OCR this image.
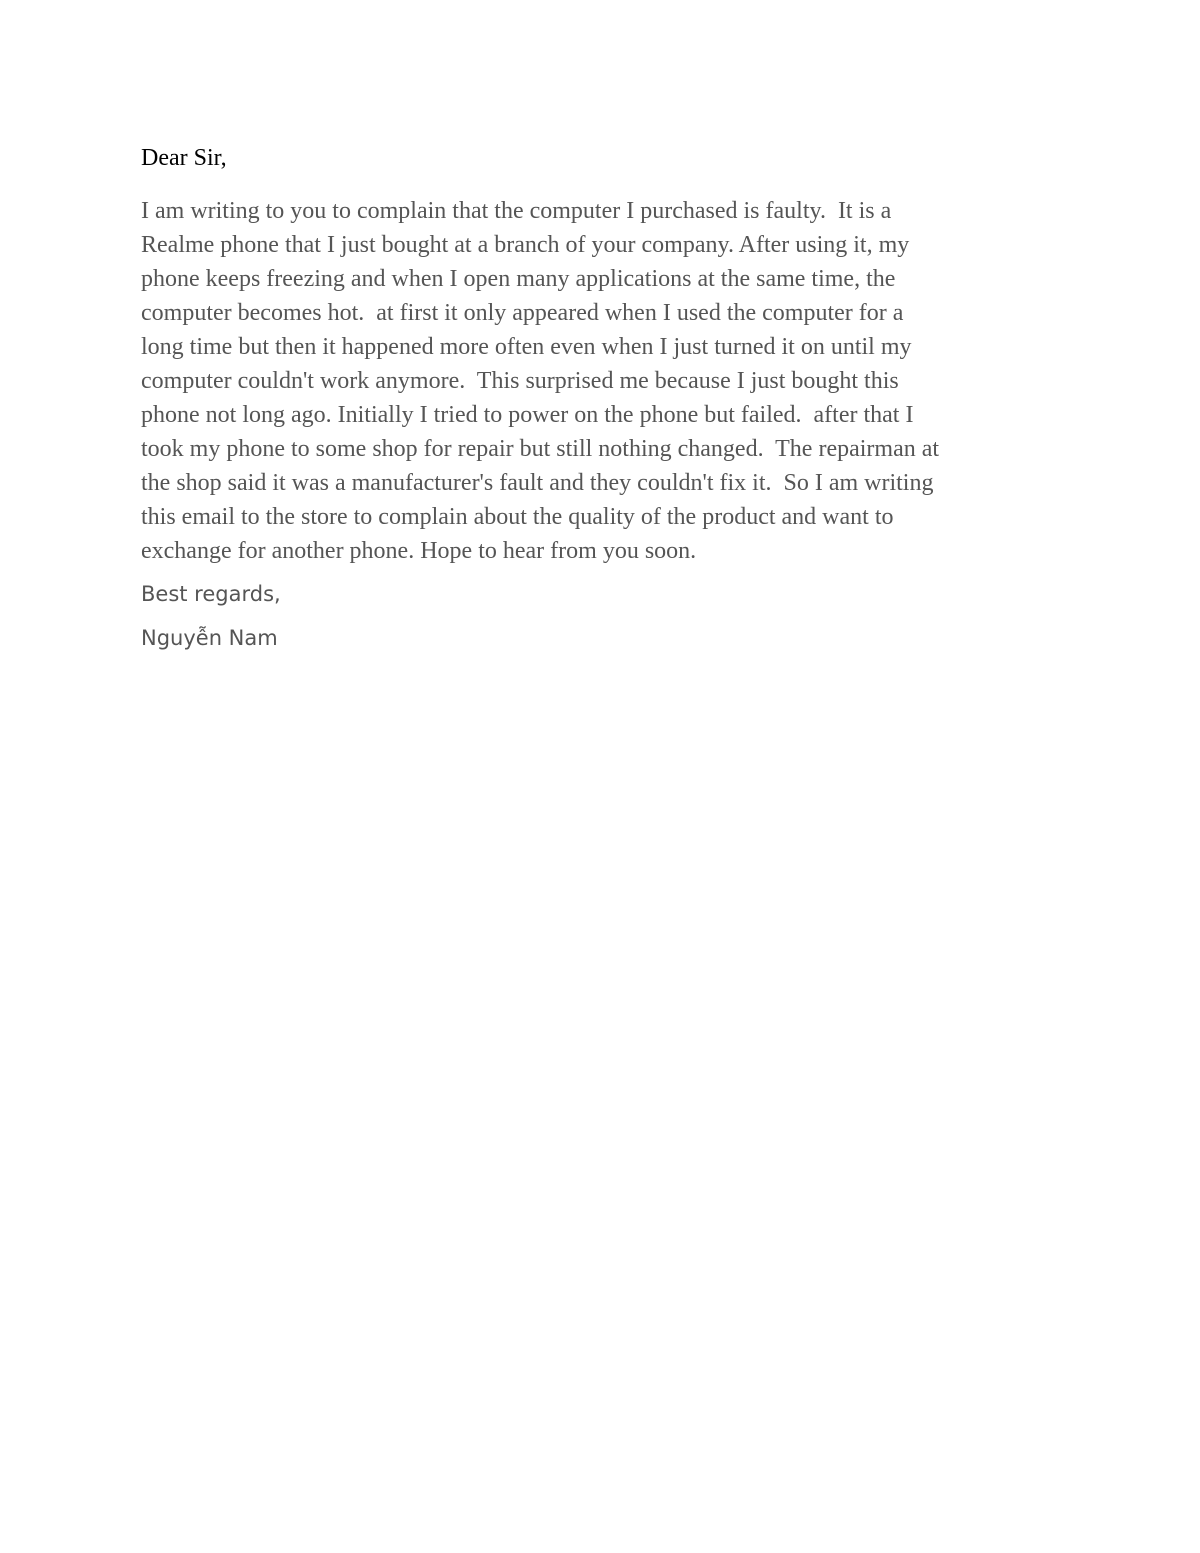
Dear Sir,
I am writing to you to complain that the computer I purchased is faulty.  It is a
Realme phone that I just bought at a branch of your company. After using it, my
phone keeps freezing and when I open many applications at the same time, the
computer becomes hot.  at first it only appeared when I used the computer for a
long time but then it happened more often even when I just turned it on until my
computer couldn't work anymore.  This surprised me because I just bought this
phone not long ago. Initially I tried to power on the phone but failed.  after that I
took my phone to some shop for repair but still nothing changed.  The repairman at
the shop said it was a manufacturer's fault and they couldn't fix it.  So I am writing
this email to the store to complain about the quality of the product and want to
exchange for another phone. Hope to hear from you soon.
Best regards,
Nguyễn Nam
